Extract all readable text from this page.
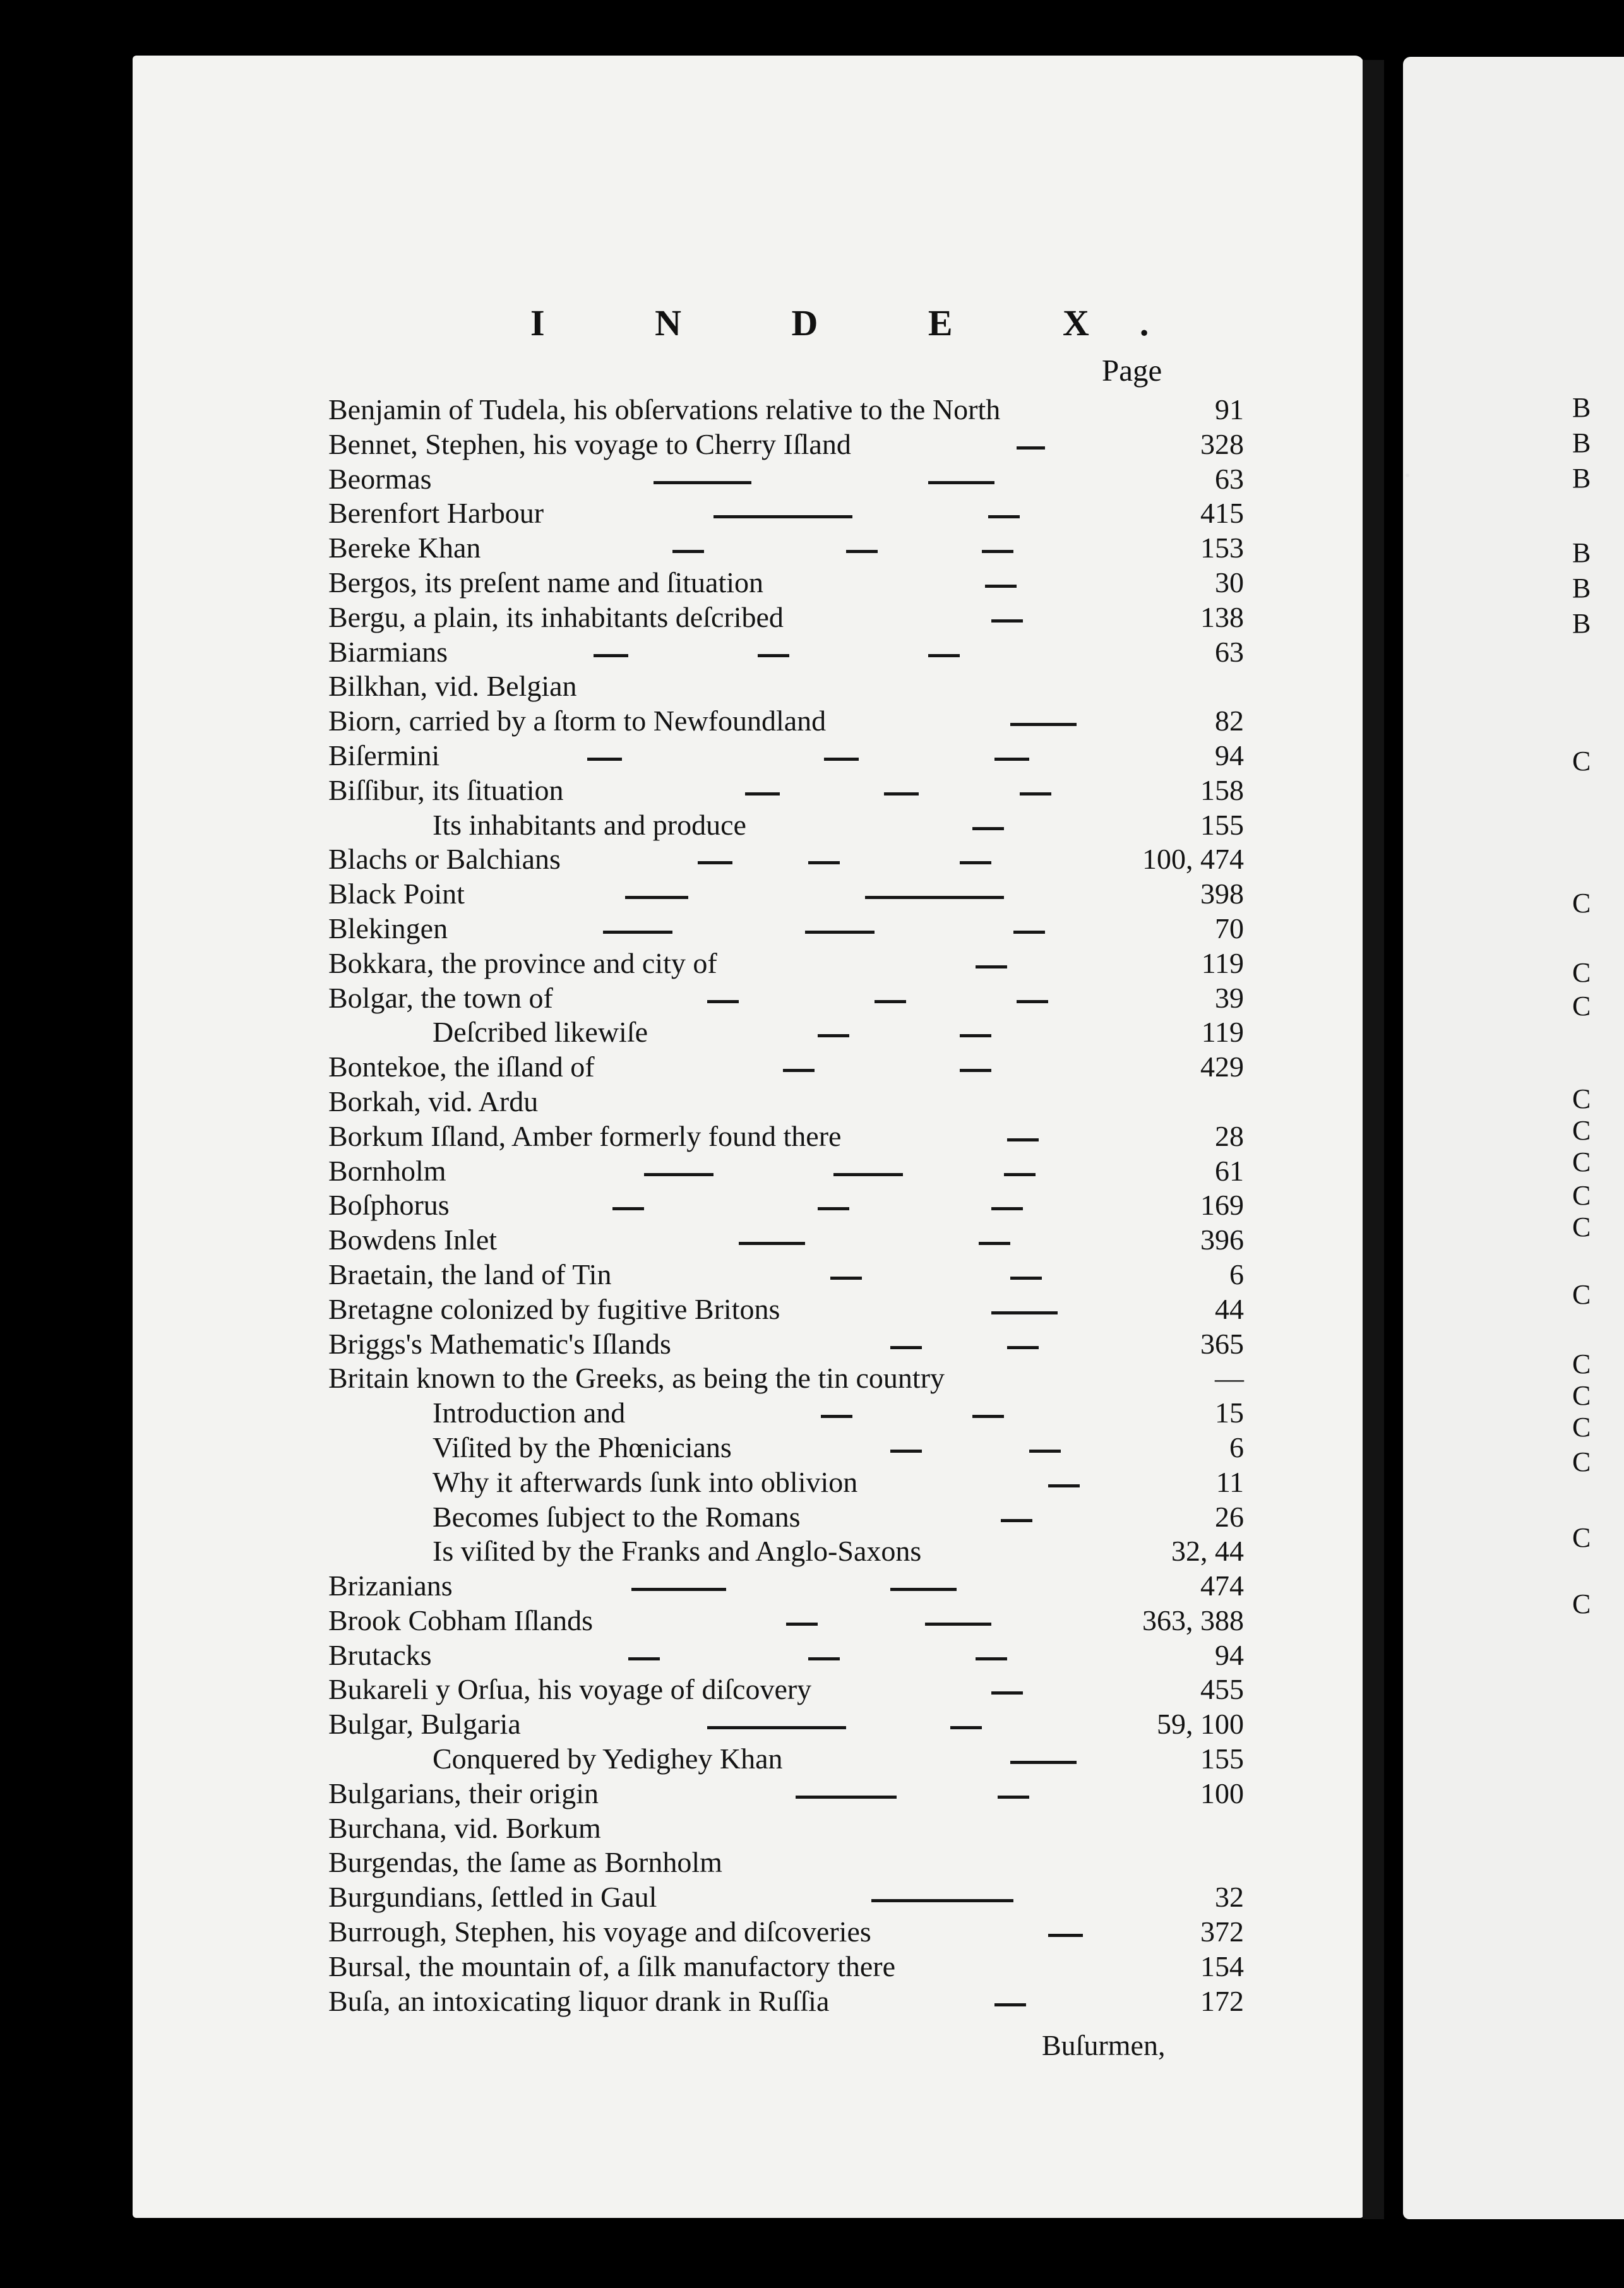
B
B
B
B
B
B
C
C
C
C
C
C
C
C
C
C
C
C
C
C
C
C
I N D E X.
Page
Benjamin of Tudela, his obſervations relative to the North	91
Bennet, Stephen, his voyage to Cherry Iſland	328
Beormas	63
Berenfort Harbour	415
Bereke Khan	153
Bergos, its preſent name and ſituation	30
Bergu, a plain, its inhabitants deſcribed	138
Biarmians	63
Bilkhan, vid. Belgian
Biorn, carried by a ſtorm to Newfoundland	82
Biſermini	94
Biſſibur, its ſituation	158
Its inhabitants and produce	155
Blachs or Balchians	100, 474
Black Point	398
Blekingen	70
Bokkara, the province and city of	119
Bolgar, the town of	39
Deſcribed likewiſe	119
Bontekoe, the iſland of	429
Borkah, vid. Ardu
Borkum Iſland, Amber formerly found there	28
Bornholm	61
Boſphorus	169
Bowdens Inlet	396
Braetain, the land of Tin	6
Bretagne colonized by fugitive Britons	44
Briggs's Mathematic's Iſlands	365
Britain known to the Greeks, as being the tin country	—
Introduction and	15
Viſited by the Phœnicians	6
Why it afterwards ſunk into oblivion	11
Becomes ſubject to the Romans	26
Is viſited by the Franks and Anglo-Saxons	32, 44
Brizanians	474
Brook Cobham Iſlands	363, 388
Brutacks	94
Bukareli y Orſua, his voyage of diſcovery	455
Bulgar, Bulgaria	59, 100
Conquered by Yedighey Khan	155
Bulgarians, their origin	100
Burchana, vid. Borkum
Burgendas, the ſame as Bornholm
Burgundians, ſettled in Gaul	32
Burrough, Stephen, his voyage and diſcoveries	372
Bursal, the mountain of, a ſilk manufactory there	154
Buſa, an intoxicating liquor drank in Ruſſia	172
Buſurmen,
